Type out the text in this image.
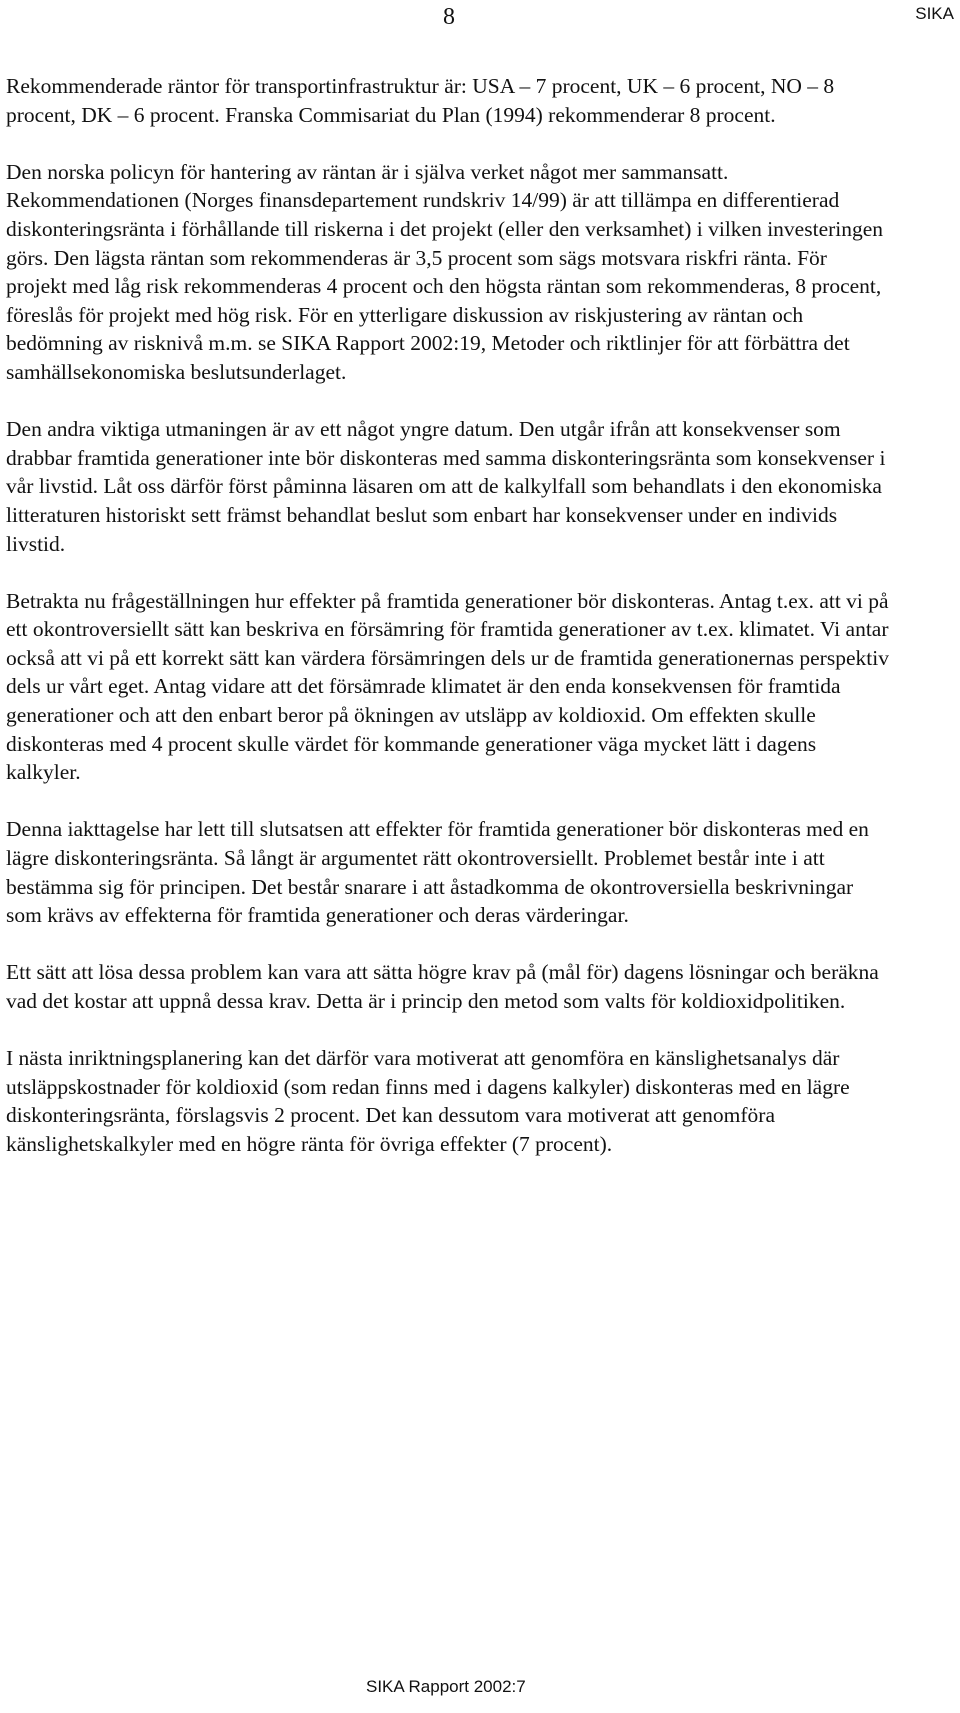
8	SIKA

Rekommenderade räntor för transportinfrastruktur är: USA – 7 procent, UK – 6 procent, NO – 8 procent, DK – 6 procent. Franska Commisariat du Plan (1994) rekommenderar 8 procent.

Den norska policyn för hantering av räntan är i själva verket något mer sammansatt. Rekommendationen (Norges finansdepartement rundskriv 14/99) är att tillämpa en differentierad diskonteringsränta i förhållande till riskerna i det projekt (eller den verksamhet) i vilken investeringen görs. Den lägsta räntan som rekommenderas är 3,5 procent som sägs motsvara riskfri ränta. För projekt med låg risk rekommenderas 4 procent och den högsta räntan som rekommenderas, 8 procent, föreslås för projekt med hög risk. För en ytterligare diskussion av riskjustering av räntan och bedömning av risknivå m.m. se SIKA Rapport 2002:19, Metoder och riktlinjer för att förbättra det samhällsekonomiska beslutsunderlaget.

Den andra viktiga utmaningen är av ett något yngre datum. Den utgår ifrån att konsekvenser som drabbar framtida generationer inte bör diskonteras med samma diskonteringsränta som konsekvenser i vår livstid. Låt oss därför först påminna läsaren om att de kalkylfall som behandlats i den ekonomiska litteraturen historiskt sett främst behandlat beslut som enbart har konsekvenser under en individs livstid.

Betrakta nu frågeställningen hur effekter på framtida generationer bör diskonteras. Antag t.ex. att vi på ett okontroversiellt sätt kan beskriva en försämring för framtida generationer av t.ex. klimatet. Vi antar också att vi på ett korrekt sätt kan värdera försämringen dels ur de framtida generationernas perspektiv dels ur vårt eget. Antag vidare att det försämrade klimatet är den enda konsekvensen för framtida generationer och att den enbart beror på ökningen av utsläpp av koldioxid. Om effekten skulle diskonteras med 4 procent skulle värdet för kommande generationer väga mycket lätt i dagens kalkyler.

Denna iakttagelse har lett till slutsatsen att effekter för framtida generationer bör diskonteras med en lägre diskonteringsränta. Så långt är argumentet rätt okontroversiellt. Problemet består inte i att bestämma sig för principen. Det består snarare i att åstadkomma de okontroversiella beskrivningar som krävs av effekterna för framtida generationer och deras värderingar.

Ett sätt att lösa dessa problem kan vara att sätta högre krav på (mål för) dagens lösningar och beräkna vad det kostar att uppnå dessa krav. Detta är i princip den metod som valts för koldioxidpolitiken.

I nästa inriktningsplanering kan det därför vara motiverat att genomföra en känslighetsanalys där utsläppskostnader för koldioxid (som redan finns med i dagens kalkyler) diskonteras med en lägre diskonteringsränta, förslagsvis 2 procent. Det kan dessutom vara motiverat att genomföra känslighetskalkyler med en högre ränta för övriga effekter (7 procent).

SIKA Rapport 2002:7
